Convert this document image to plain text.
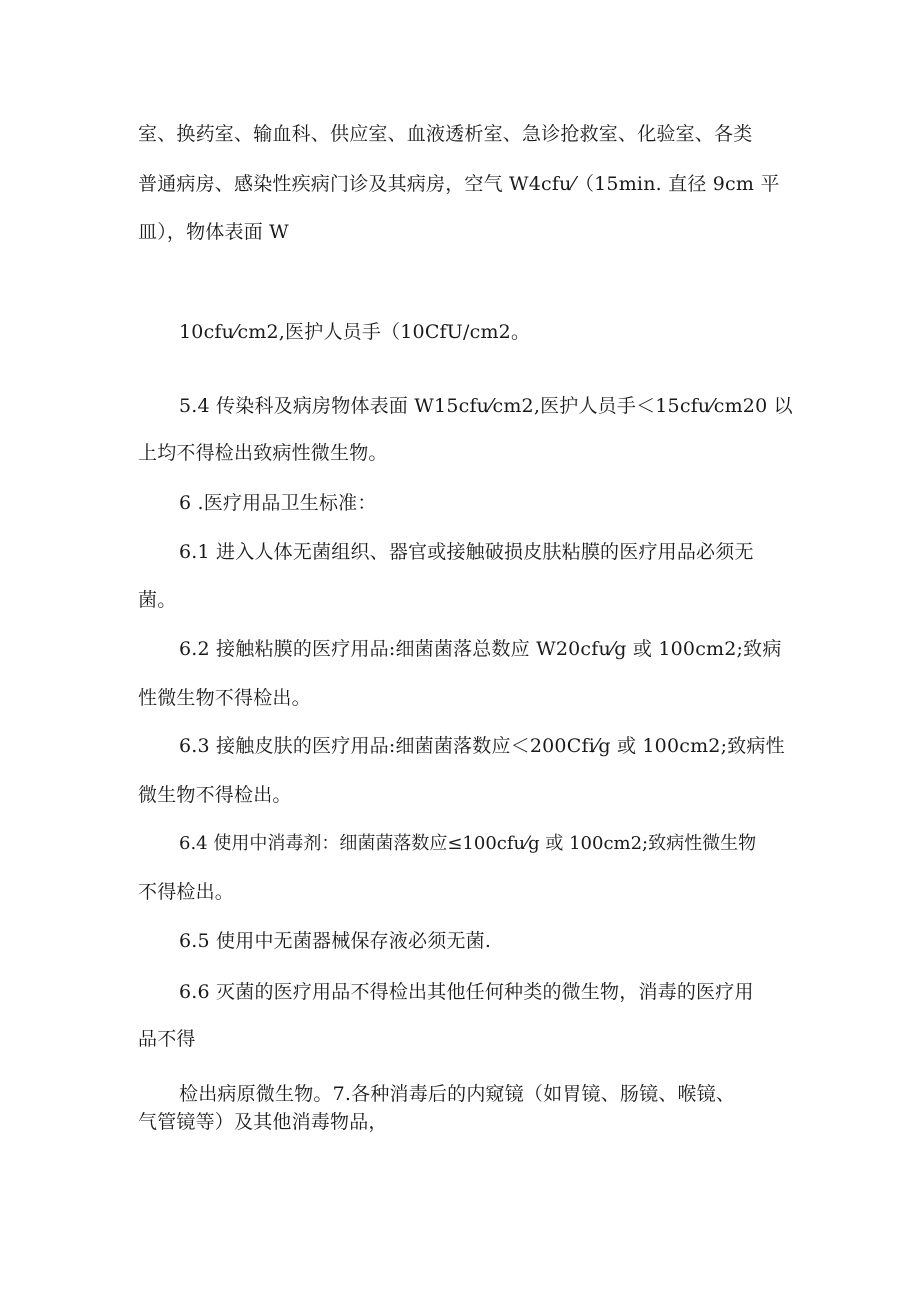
室、换药室、输血科、供应室、血液透析室、急诊抢救室、化验室、各类

普通病房、感染性疾病门诊及其病房，空气 W4cfu⁄（15min. 直径 9cm 平

皿），物体表面 W

10cfu⁄cm2,医护人员手（10CfU/cm2。

5.4 传染科及病房物体表面 W15cfu⁄cm2,医护人员手＜15cfu⁄cm20 以

上均不得检出致病性微生物。

6 .医疗用品卫生标准：

6.1 进入人体无菌组织、器官或接触破损皮肤粘膜的医疗用品必须无

菌。

6.2 接触粘膜的医疗用品:细菌菌落总数应 W20cfu⁄g 或 100cm2;致病

性微生物不得检出。

6.3 接触皮肤的医疗用品:细菌菌落数应＜200Cfi⁄g 或 100cm2;致病性

微生物不得检出。

6.4 使用中消毒剂：细菌菌落数应≤100cfu⁄g 或 100cm2;致病性微生物

不得检出。

6.5 使用中无菌器械保存液必须无菌.

6.6 灭菌的医疗用品不得检出其他任何种类的微生物，消毒的医疗用

品不得

检出病原微生物。7.各种消毒后的内窥镜（如胃镜、肠镜、喉镜、

气管镜等）及其他消毒物品，
